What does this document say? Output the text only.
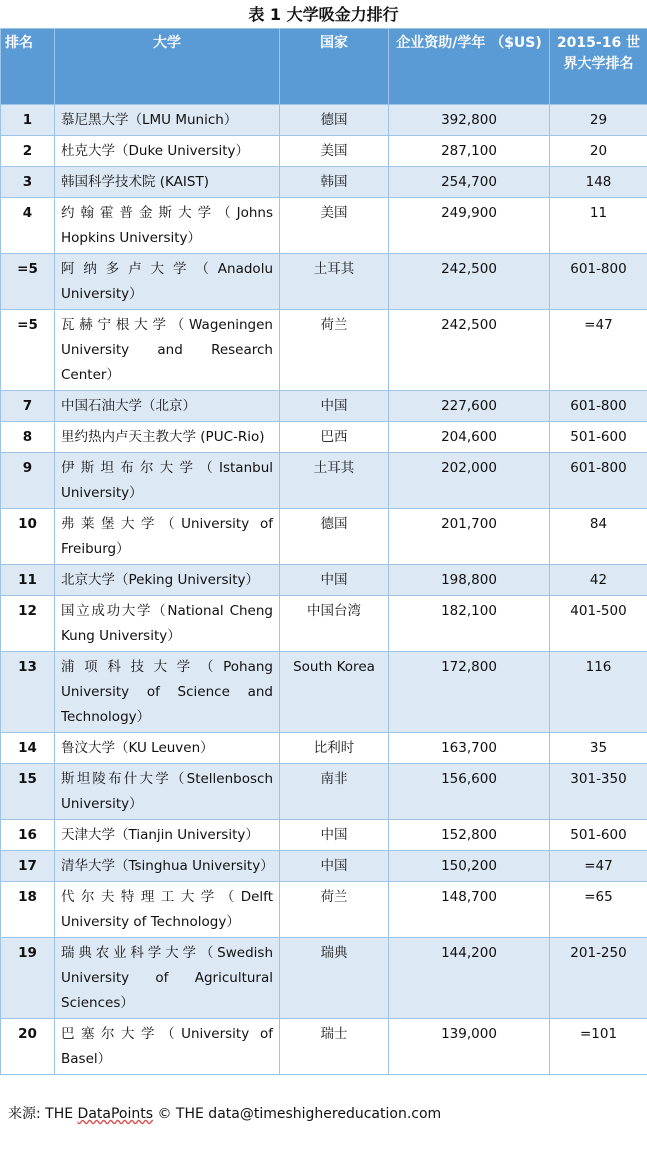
表 1 大学吸金力排行
排名	大学	国家	企业资助/学年 （$US)	2015-16 世界大学排名
1	慕尼黑大学（LMU Munich）	德国	392,800	29
2	杜克大学（Duke University）	美国	287,100	20
3	韩国科学技术院 (KAIST)	韩国	254,700	148
4	约翰霍普金斯大学（Johns Hopkins University）	美国	249,900	11
=5	阿纳多卢大学（Anadolu University）	土耳其	242,500	601-800
=5	瓦赫宁根大学（Wageningen University and Research Center）	荷兰	242,500	=47
7	中国石油大学（北京）	中国	227,600	601-800
8	里约热内卢天主教大学 (PUC-Rio)	巴西	204,600	501-600
9	伊斯坦布尔大学（Istanbul University）	土耳其	202,000	601-800
10	弗莱堡大学（University of Freiburg）	德国	201,700	84
11	北京大学（Peking University）	中国	198,800	42
12	国立成功大学（National Cheng Kung University）	中国台湾	182,100	401-500
13	浦项科技大学（Pohang University of Science and Technology）	South Korea	172,800	116
14	鲁汶大学（KU Leuven）	比利时	163,700	35
15	斯坦陵布什大学（Stellenbosch University）	南非	156,600	301-350
16	天津大学（Tianjin University）	中国	152,800	501-600
17	清华大学（Tsinghua University）	中国	150,200	=47
18	代尔夫特理工大学（Delft University of Technology）	荷兰	148,700	=65
19	瑞典农业科学大学（Swedish University of Agricultural Sciences）	瑞典	144,200	201-250
20	巴塞尔大学（University of Basel）	瑞士	139,000	=101
来源: THE DataPoints © THE data@timeshighereducation.com
